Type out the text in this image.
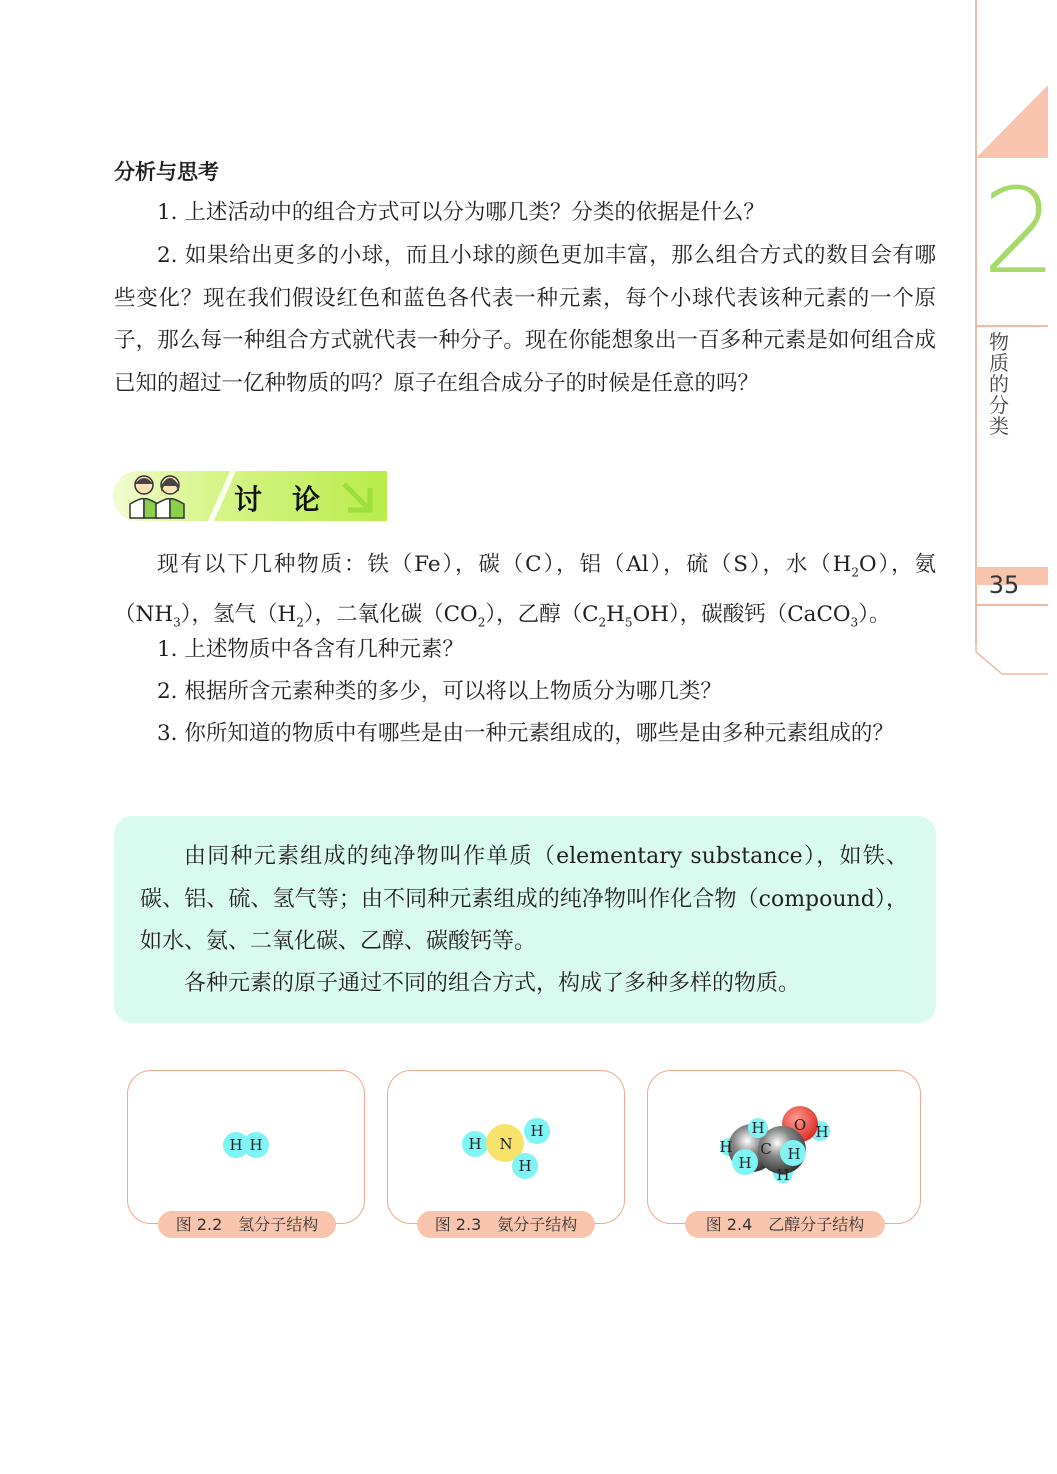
2
物质的分类
35
分析与思考

1. 上述活动中的组合方式可以分为哪几类？分类的依据是什么？

2. 如果给出更多的小球，而且小球的颜色更加丰富，那么组合方式的数目会有哪些变化？现在我们假设红色和蓝色各代表一种元素，每个小球代表该种元素的一个原子，那么每一种组合方式就代表一种分子。现在你能想象出一百多种元素是如何组合成已知的超过一亿种物质的吗？原子在组合成分子的时候是任意的吗？

讨论

现有以下几种物质：铁（Fe），碳（C），铝（Al），硫（S），水$(H_2O)$，氨$(NH_3)$，氢气$(H_2)$，二氧化碳$(CO_2)$，乙醇$(C_2H_5OH)$，碳酸钙（CaCO$_3$）。

1. 上述物质中各含有几种元素？

2. 根据所含元素种类的多少，可以将以上物质分为哪几类？

3. 你所知道的物质中有哪些是由一种元素组成的，哪些是由多种元素组成的？

由同种元素组成的纯净物叫作单质（elementary substance），如铁、碳、铝、硫、氢气等；由不同种元素组成的纯净物叫作化合物（compound），如水、氨、二氧化碳、乙醇、碳酸钙等。

各种元素的原子通过不同的组合方式，构成了多种多样的物质。

图 2.2　氢分子结构
H H
图 2.3　氨分子结构
H N
H
H
图 2.4　乙醇分子结构
H
H
C
H
O H
H
H
